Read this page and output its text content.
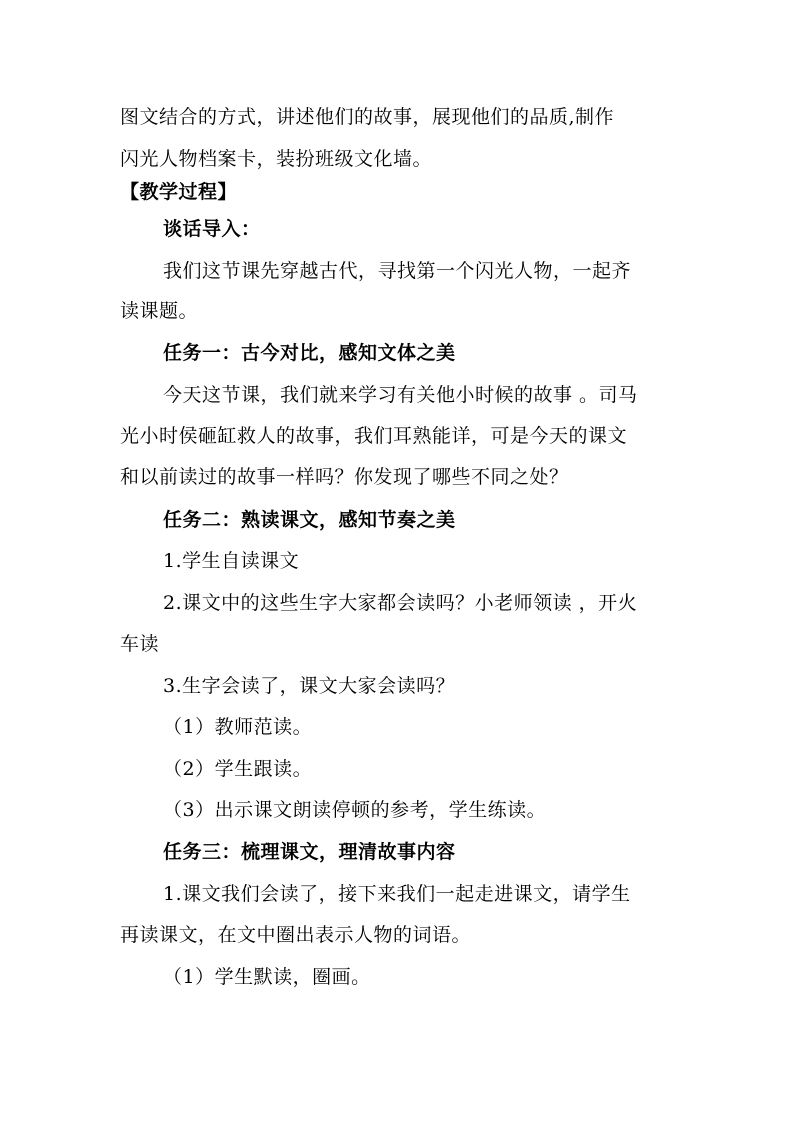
图文结合的方式，讲述他们的故事，展现他们的品质,制作
闪光人物档案卡，装扮班级文化墙。
【教学过程】
谈话导入：
我们这节课先穿越古代，寻找第一个闪光人物，一起齐
读课题。
任务一：古今对比，感知文体之美
今天这节课，我们就来学习有关他小时候的故事 。司马
光小时侯砸缸救人的故事，我们耳熟能详，可是今天的课文
和以前读过的故事一样吗？你发现了哪些不同之处？
任务二：熟读课文，感知节奏之美
1.学生自读课文
2.课文中的这些生字大家都会读吗？小老师领读 ，开火
车读
3.生字会读了，课文大家会读吗？
（1）教师范读。
（2）学生跟读。
（3）出示课文朗读停顿的参考，学生练读。
任务三：梳理课文，理清故事内容
1.课文我们会读了，接下来我们一起走进课文，请学生
再读课文，在文中圈出表示人物的词语。
（1）学生默读，圈画。
